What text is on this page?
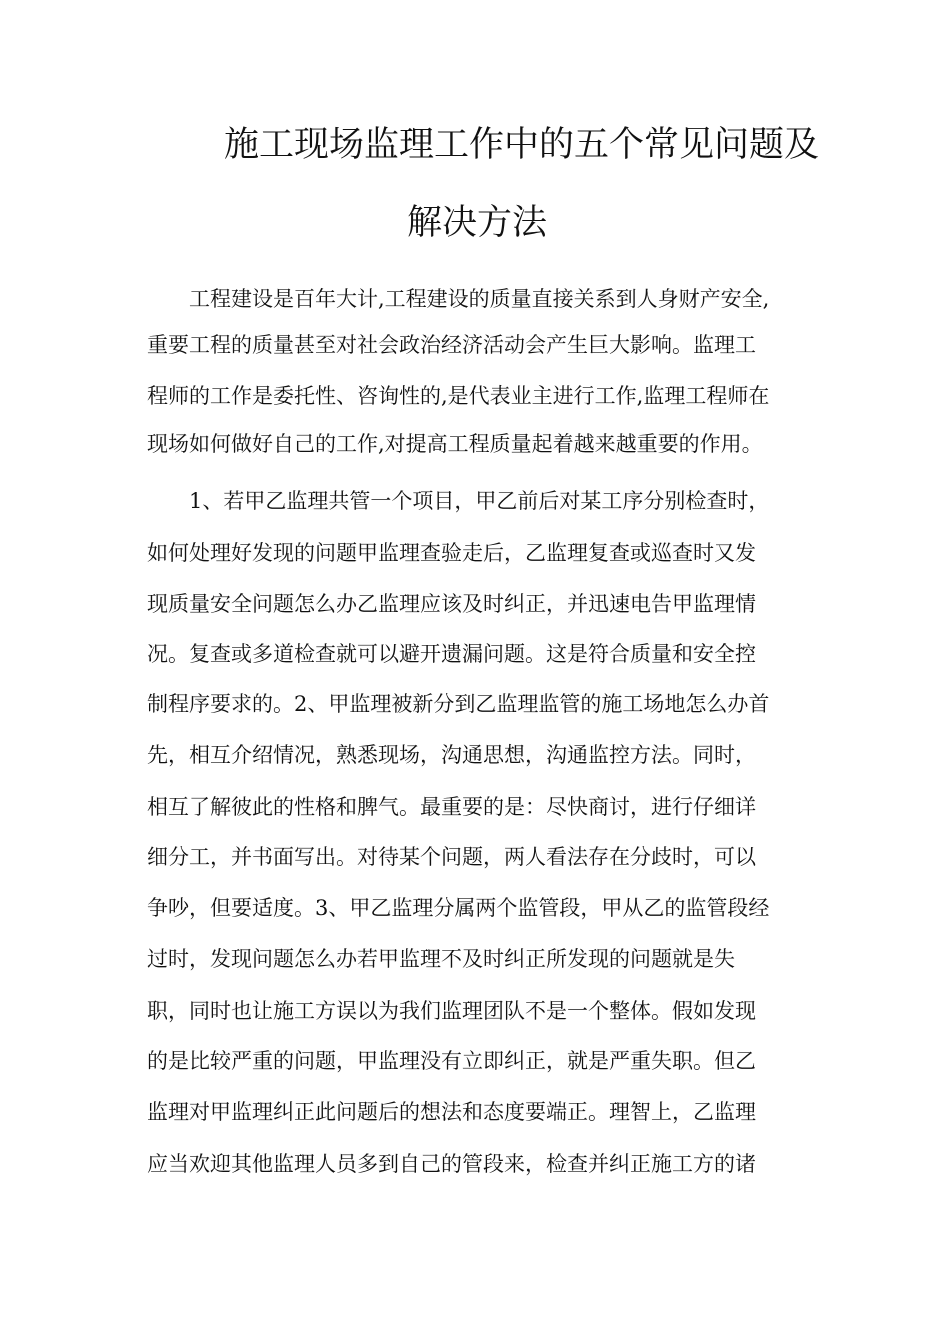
施工现场监理工作中的五个常见问题及
解决方法
工程建设是百年大计,工程建设的质量直接关系到人身财产安全,
重要工程的质量甚至对社会政治经济活动会产生巨大影响。监理工
程师的工作是委托性、咨询性的,是代表业主进行工作,监理工程师在
现场如何做好自己的工作,对提高工程质量起着越来越重要的作用。
1、若甲乙监理共管一个项目，甲乙前后对某工序分别检查时，
如何处理好发现的问题甲监理查验走后，乙监理复查或巡查时又发
现质量安全问题怎么办乙监理应该及时纠正，并迅速电告甲监理情
况。复查或多道检查就可以避开遗漏问题。这是符合质量和安全控
制程序要求的。2、甲监理被新分到乙监理监管的施工场地怎么办首
先，相互介绍情况，熟悉现场，沟通思想，沟通监控方法。同时，
相互了解彼此的性格和脾气。最重要的是：尽快商讨，进行仔细详
细分工，并书面写出。对待某个问题，两人看法存在分歧时，可以
争吵，但要适度。3、甲乙监理分属两个监管段，甲从乙的监管段经
过时，发现问题怎么办若甲监理不及时纠正所发现的问题就是失
职，同时也让施工方误以为我们监理团队不是一个整体。假如发现
的是比较严重的问题，甲监理没有立即纠正，就是严重失职。但乙
监理对甲监理纠正此问题后的想法和态度要端正。理智上，乙监理
应当欢迎其他监理人员多到自己的管段来，检查并纠正施工方的诸
